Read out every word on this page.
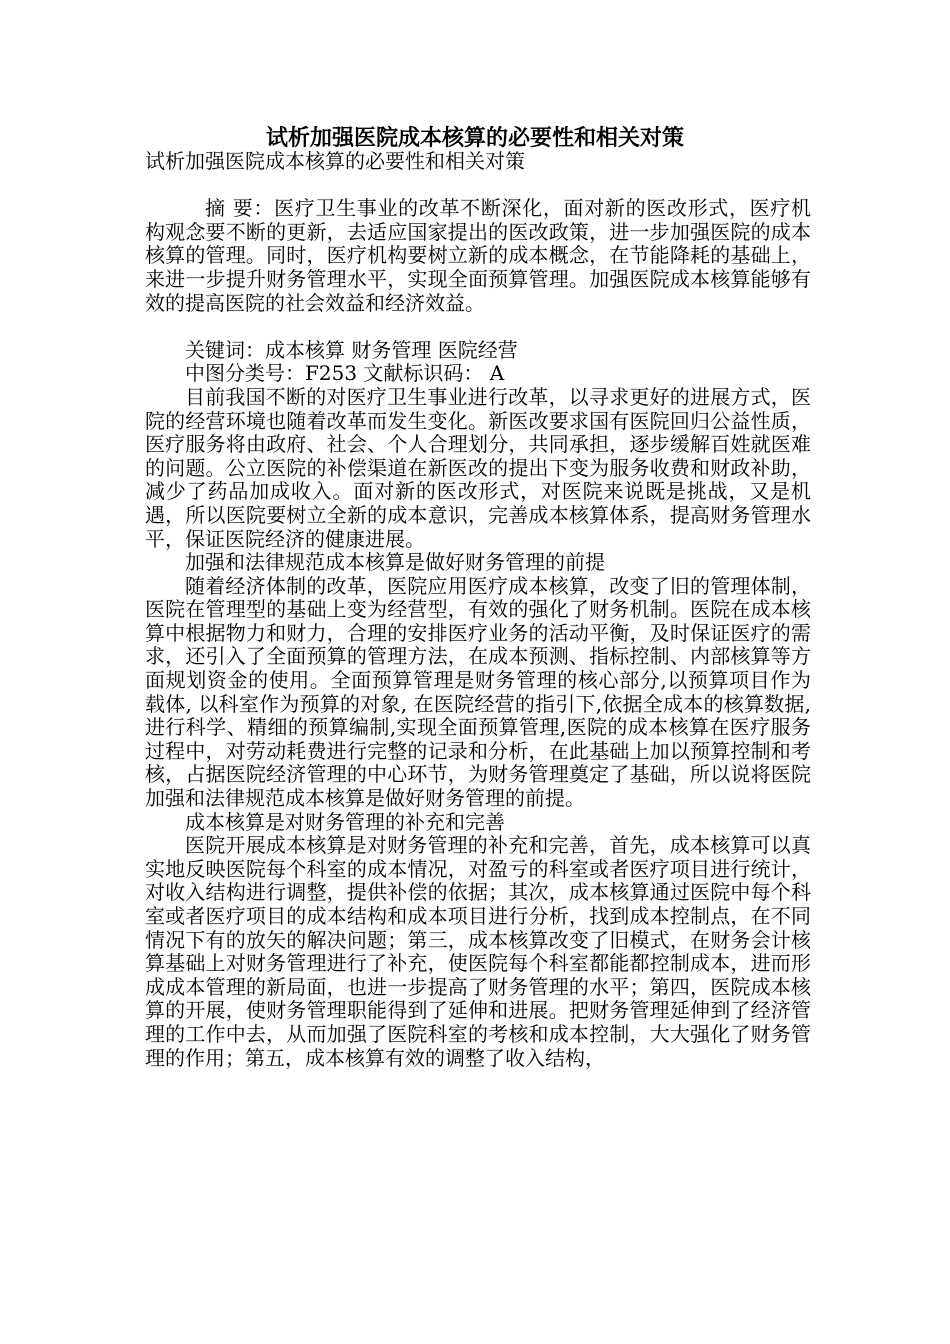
试析加强医院成本核算的必要性和相关对策

试析加强医院成本核算的必要性和相关对策

摘 要：医疗卫生事业的改革不断深化，面对新的医改形式，医疗机构观念要不断的更新，去适应国家提出的医改政策，进一步加强医院的成本核算的管理。同时，医疗机构要树立新的成本概念，在节能降耗的基础上，来进一步提升财务管理水平，实现全面预算管理。加强医院成本核算能够有效的提高医院的社会效益和经济效益。

关键词：成本核算 财务管理 医院经营

中图分类号：F253 文献标识码： A

目前我国不断的对医疗卫生事业进行改革，以寻求更好的进展方式，医院的经营环境也随着改革而发生变化。新医改要求国有医院回归公益性质，医疗服务将由政府、社会、个人合理划分，共同承担，逐步缓解百姓就医难的问题。公立医院的补偿渠道在新医改的提出下变为服务收费和财政补助，减少了药品加成收入。面对新的医改形式，对医院来说既是挑战，又是机遇，所以医院要树立全新的成本意识，完善成本核算体系，提高财务管理水平，保证医院经济的健康进展。

加强和法律规范成本核算是做好财务管理的前提

随着经济体制的改革，医院应用医疗成本核算，改变了旧的管理体制，医院在管理型的基础上变为经营型，有效的强化了财务机制。医院在成本核算中根据物力和财力，合理的安排医疗业务的活动平衡，及时保证医疗的需求，还引入了全面预算的管理方法，在成本预测、指标控制、内部核算等方面规划资金的使用。全面预算管理是财务管理的核心部分,以预算项目作为载体, 以科室作为预算的对象, 在医院经营的指引下,依据全成本的核算数据, 进行科学、精细的预算编制,实现全面预算管理,医院的成本核算在医疗服务过程中，对劳动耗费进行完整的记录和分析，在此基础上加以预算控制和考核，占据医院经济管理的中心环节，为财务管理奠定了基础，所以说将医院加强和法律规范成本核算是做好财务管理的前提。

成本核算是对财务管理的补充和完善

医院开展成本核算是对财务管理的补充和完善，首先，成本核算可以真实地反映医院每个科室的成本情况，对盈亏的科室或者医疗项目进行统计，对收入结构进行调整，提供补偿的依据；其次，成本核算通过医院中每个科室或者医疗项目的成本结构和成本项目进行分析，找到成本控制点，在不同情况下有的放矢的解决问题；第三，成本核算改变了旧模式，在财务会计核算基础上对财务管理进行了补充，使医院每个科室都能都控制成本，进而形成成本管理的新局面，也进一步提高了财务管理的水平；第四，医院成本核算的开展，使财务管理职能得到了延伸和进展。把财务管理延伸到了经济管理的工作中去，从而加强了医院科室的考核和成本控制，大大强化了财务管理的作用；第五，成本核算有效的调整了收入结构，
